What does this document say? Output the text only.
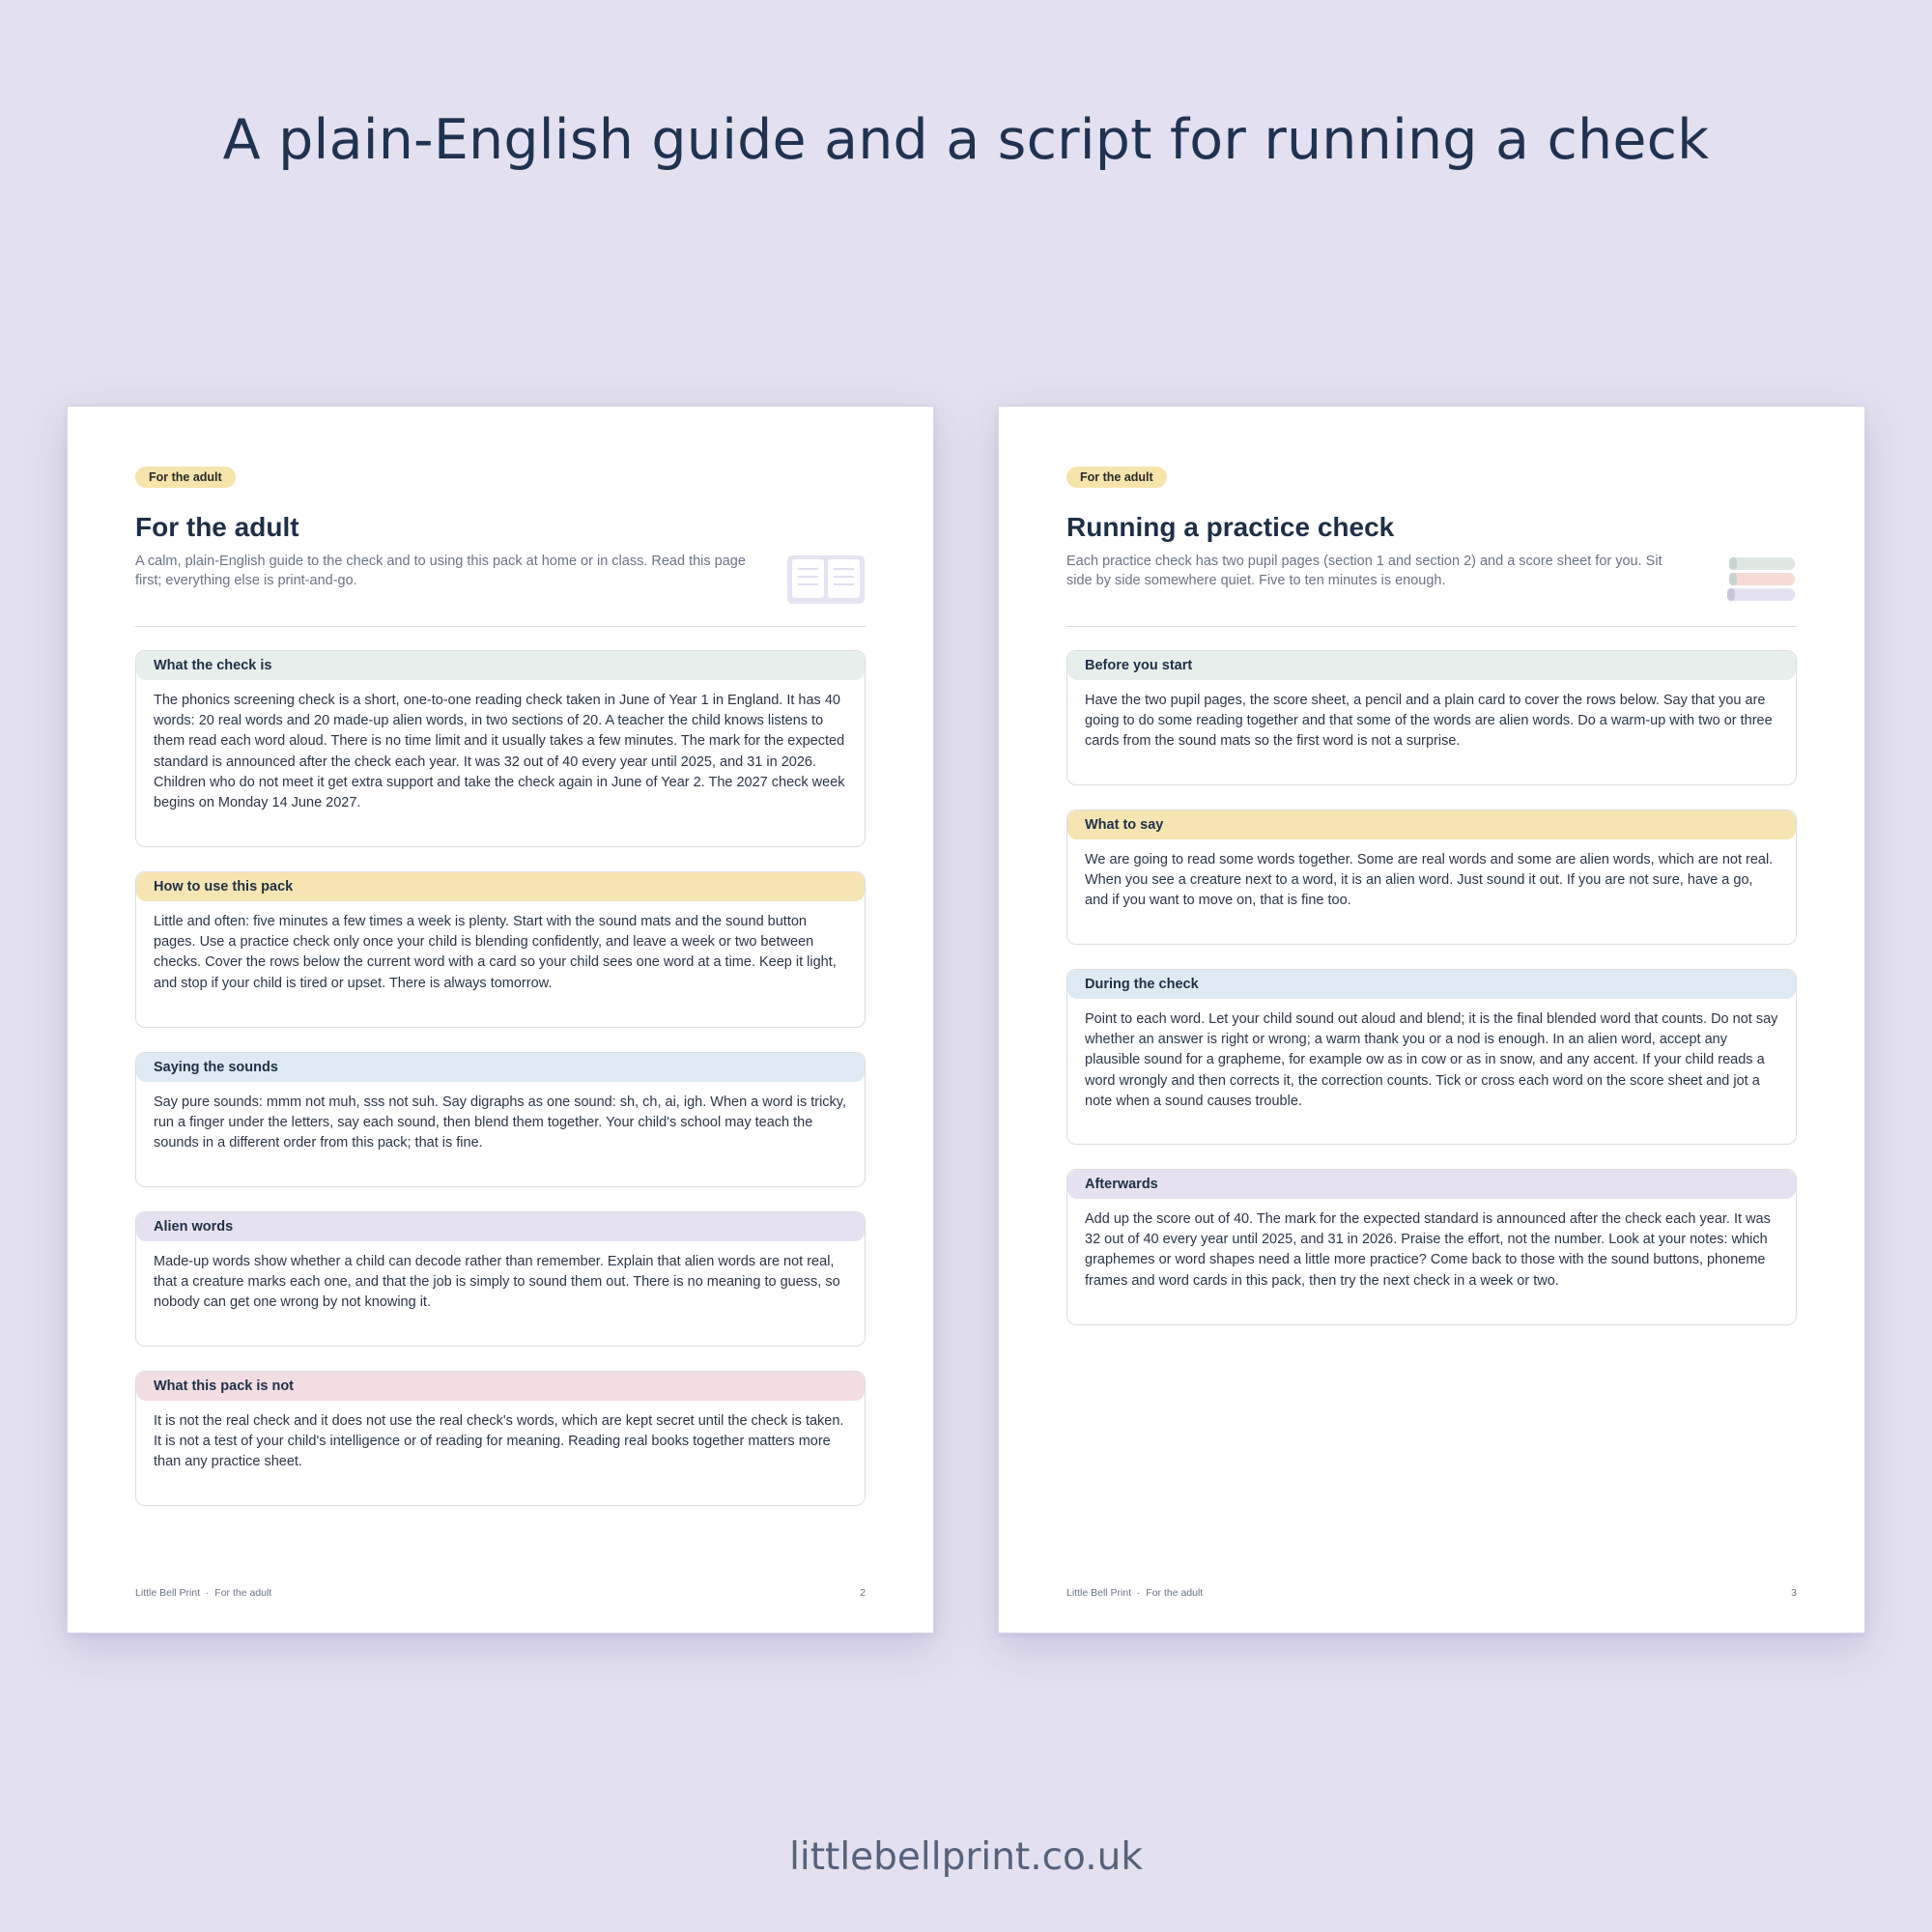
A plain-English guide and a script for running a check
For the adult
For the adult

A calm, plain-English guide to the check and to using this pack at home or in class. Read this page first; everything else is print-and-go.

What the check is
The phonics screening check is a short, one-to-one reading check taken in June of Year 1 in England. It has 40 words: 20 real words and 20 made-up alien words, in two sections of 20. A teacher the child knows listens to them read each word aloud. There is no time limit and it usually takes a few minutes. The mark for the expected standard is announced after the check each year. It was 32 out of 40 every year until 2025, and 31 in 2026. Children who do not meet it get extra support and take the check again in June of Year 2. The 2027 check week begins on Monday 14 June 2027.
How to use this pack
Little and often: five minutes a few times a week is plenty. Start with the sound mats and the sound button pages. Use a practice check only once your child is blending confidently, and leave a week or two between checks. Cover the rows below the current word with a card so your child sees one word at a time. Keep it light, and stop if your child is tired or upset. There is always tomorrow.
Saying the sounds
Say pure sounds: mmm not muh, sss not suh. Say digraphs as one sound: sh, ch, ai, igh. When a word is tricky, run a finger under the letters, say each sound, then blend them together. Your child's school may teach the sounds in a different order from this pack; that is fine.
Alien words
Made-up words show whether a child can decode rather than remember. Explain that alien words are not real, that a creature marks each one, and that the job is simply to sound them out. There is no meaning to guess, so nobody can get one wrong by not knowing it.
What this pack is not
It is not the real check and it does not use the real check's words, which are kept secret until the check is taken. It is not a test of your child's intelligence or of reading for meaning. Reading real books together matters more than any practice sheet.
Little Bell Print  ·  For the adult	2
For the adult
Running a practice check

Each practice check has two pupil pages (section 1 and section 2) and a score sheet for you. Sit side by side somewhere quiet. Five to ten minutes is enough.

Before you start
Have the two pupil pages, the score sheet, a pencil and a plain card to cover the rows below. Say that you are going to do some reading together and that some of the words are alien words. Do a warm-up with two or three cards from the sound mats so the first word is not a surprise.
What to say
We are going to read some words together. Some are real words and some are alien words, which are not real. When you see a creature next to a word, it is an alien word. Just sound it out. If you are not sure, have a go, and if you want to move on, that is fine too.
During the check
Point to each word. Let your child sound out aloud and blend; it is the final blended word that counts. Do not say whether an answer is right or wrong; a warm thank you or a nod is enough. In an alien word, accept any plausible sound for a grapheme, for example ow as in cow or as in snow, and any accent. If your child reads a word wrongly and then corrects it, the correction counts. Tick or cross each word on the score sheet and jot a note when a sound causes trouble.
Afterwards
Add up the score out of 40. The mark for the expected standard is announced after the check each year. It was 32 out of 40 every year until 2025, and 31 in 2026. Praise the effort, not the number. Look at your notes: which graphemes or word shapes need a little more practice? Come back to those with the sound buttons, phoneme frames and word cards in this pack, then try the next check in a week or two.
Little Bell Print  ·  For the adult	3
littlebellprint.co.uk
